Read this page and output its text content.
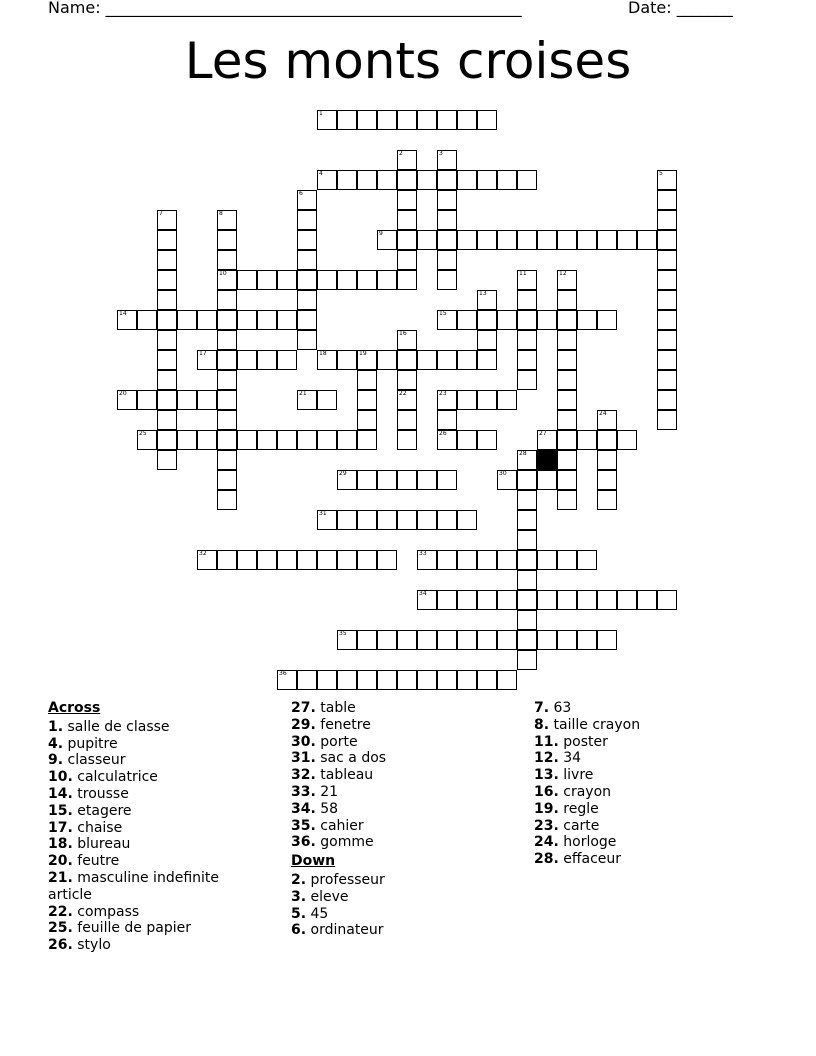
Name: ____________________________________________________	Date: _______
Les monts croises
1
2	3
4	5
6
7	8
9
10	11	12
13
14	15
16
17	18	19
20	21	22	23
24
25	26	27
28
29	30
31
32	33
34
35
36
Across
1. salle de classe
4. pupitre
9. classeur
10. calculatrice
14. trousse
15. etagere
17. chaise
18. blureau
20. feutre
21. masculine indefinite article
22. compass
25. feuille de papier
26. stylo
27. table
29. fenetre
30. porte
31. sac a dos
32. tableau
33. 21
34. 58
35. cahier
36. gomme
Down
2. professeur
3. eleve
5. 45
6. ordinateur
7. 63
8. taille crayon
11. poster
12. 34
13. livre
16. crayon
19. regle
23. carte
24. horloge
28. effaceur
